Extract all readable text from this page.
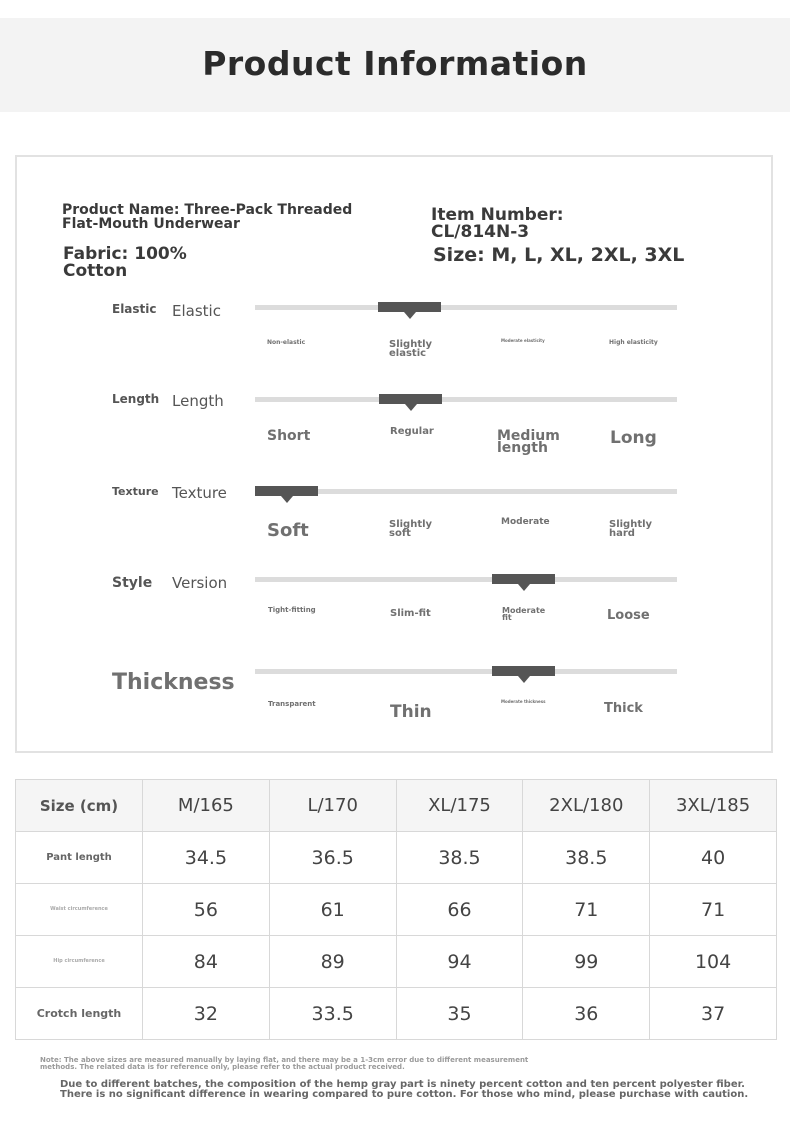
Product Information
Product Name: Three-Pack Threaded Flat-Mouth Underwear	Item Number: CL/814N-3
Fabric: 100% Cotton
Size: M, L, XL, 2XL, 3XL
Elastic Elastic
Non-elastic	Slightly elastic
Moderate elasticity	High elasticity
Length Length
Short	Regular	Medium length	Long
Texture Texture
Soft	Slightly soft
Moderate	Slightly hard
Style Version
Tight-fitting	Slim-fit	Moderate fit	Loose
Thickness
Transparent	Thin
Moderate thickness	Thick
Size (cm)	M/165	L/170	XL/175	2XL/180	3XL/185
Pant length	34.5	36.5	38.5	38.5	40
Waist circumference	56	61	66	71	71
Hip circumference	84	89	94	99	104
Crotch length	32	33.5	35	36	37

Note: The above sizes are measured manually by laying flat, and there may be a 1-3cm error due to different measurement methods. The related data is for reference only, please refer to the actual product received.

Due to different batches, the composition of the hemp gray part is ninety percent cotton and ten percent polyester fiber. There is no significant difference in wearing compared to pure cotton. For those who mind, please purchase with caution.
